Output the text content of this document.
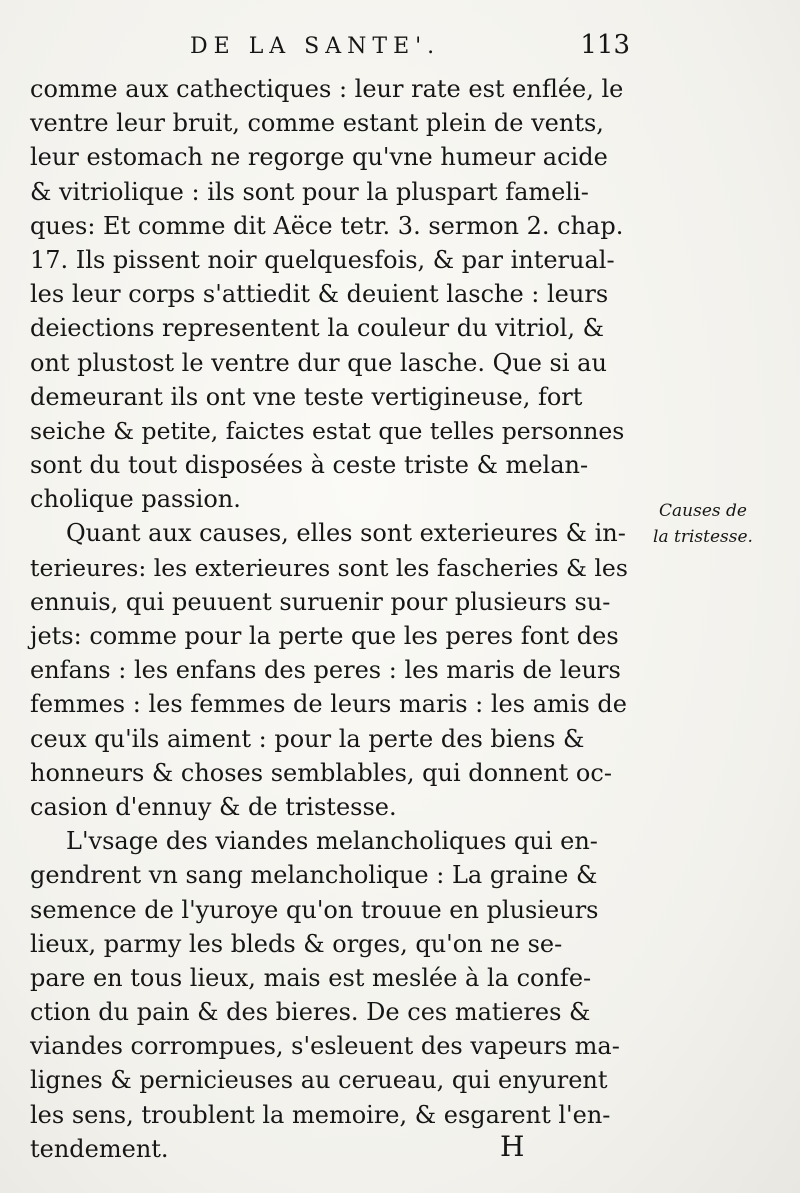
DE LA SANTE'.	113
comme aux cathectiques : leur rate est enflée, le
ventre leur bruit, comme estant plein de vents,
leur estomach ne regorge qu'vne humeur acide
& vitriolique : ils sont pour la pluspart fameli-
ques: Et comme dit Aëce tetr. 3. sermon 2. chap.
17. Ils pissent noir quelquesfois, & par interual-
les leur corps s'attiedit & deuient lasche : leurs
deiections representent la couleur du vitriol, &
ont plustost le ventre dur que lasche. Que si au
demeurant ils ont vne teste vertigineuse, fort
seiche & petite, faictes estat que telles personnes
sont du tout disposées à ceste triste & melan-
cholique passion.
Quant aux causes, elles sont exterieures & in-
terieures: les exterieures sont les fascheries & les
ennuis, qui peuuent suruenir pour plusieurs su-
jets: comme pour la perte que les peres font des
enfans : les enfans des peres : les maris de leurs
femmes : les femmes de leurs maris : les amis de
ceux qu'ils aiment : pour la perte des biens &
honneurs & choses semblables, qui donnent oc-
casion d'ennuy & de tristesse.
L'vsage des viandes melancholiques qui en-
gendrent vn sang melancholique : La graine &
semence de l'yuroye qu'on trouue en plusieurs
lieux, parmy les bleds & orges, qu'on ne se-
pare en tous lieux, mais est meslée à la confe-
ction du pain & des bieres. De ces matieres &
viandes corrompues, s'esleuent des vapeurs ma-
lignes & pernicieuses au cerueau, qui enyurent
les sens, troublent la memoire, & esgarent l'en-
tendement.
Causes de
la tristesse.
H
